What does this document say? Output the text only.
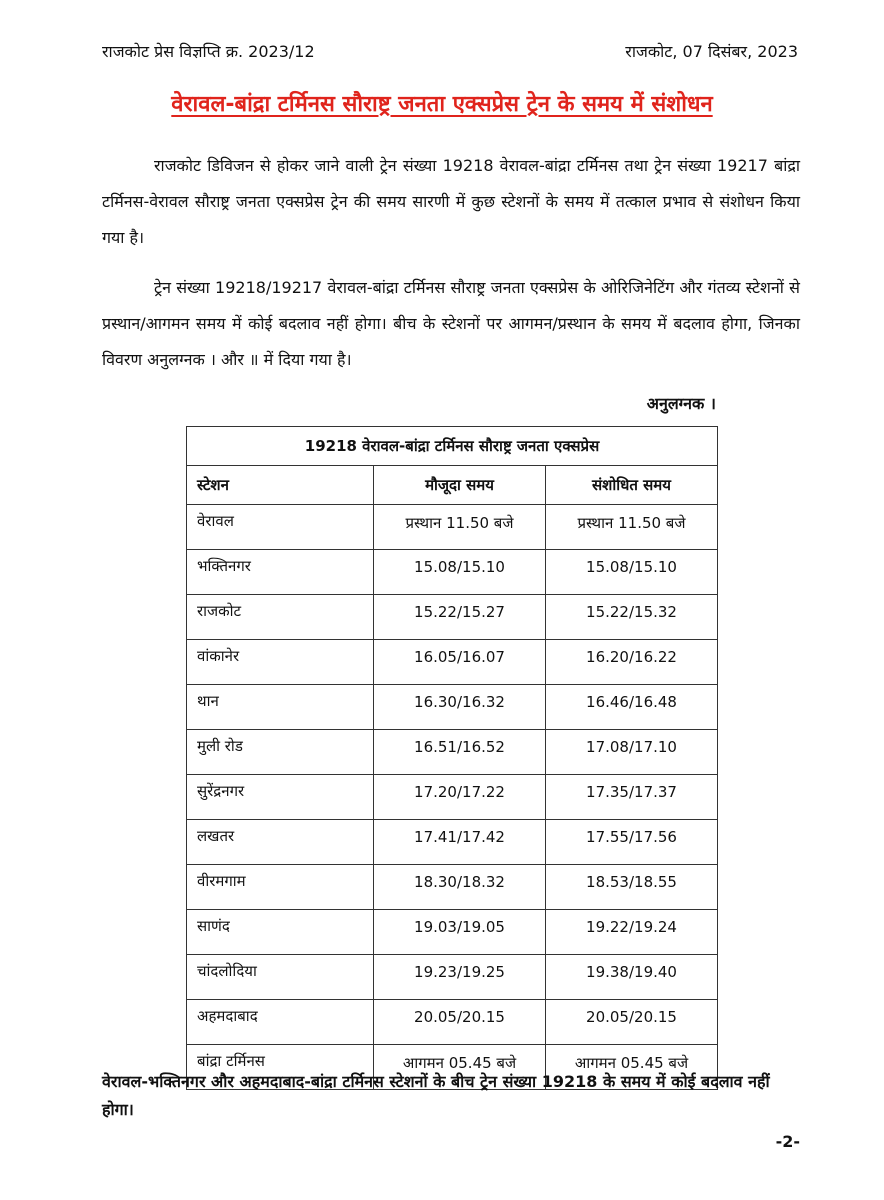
राजकोट प्रेस विज्ञप्ति क्र. 2023/12	राजकोट, 07 दिसंबर, 2023
वेरावल-बांद्रा टर्मिनस सौराष्ट्र जनता एक्सप्रेस ट्रेन के समय में संशोधन

राजकोट डिविजन से होकर जाने वाली ट्रेन संख्या 19218 वेरावल-बांद्रा टर्मिनस तथा ट्रेन संख्या 19217 बांद्रा टर्मिनस-वेरावल सौराष्ट्र जनता एक्सप्रेस ट्रेन की समय सारणी में कुछ स्टेशनों के समय में तत्काल प्रभाव से संशोधन किया गया है।

ट्रेन संख्या 19218/19217 वेरावल-बांद्रा टर्मिनस सौराष्ट्र जनता एक्सप्रेस के ओरिजिनेटिंग और गंतव्य स्टेशनों से प्रस्थान/आगमन समय में कोई बदलाव नहीं होगा। बीच के स्टेशनों पर आगमन/प्रस्थान के समय में बदलाव होगा, जिनका विवरण अनुलग्नक । और ॥ में दिया गया है।

अनुलग्नक ।
19218 वेरावल-बांद्रा टर्मिनस सौराष्ट्र जनता एक्सप्रेस		
स्टेशन	मौजूदा समय	संशोधित समय
वेरावल	प्रस्थान 11.50 बजे	प्रस्थान 11.50 बजे
भक्तिनगर	15.08/15.10	15.08/15.10
राजकोट	15.22/15.27	15.22/15.32
वांकानेर	16.05/16.07	16.20/16.22
थान	16.30/16.32	16.46/16.48
मुली रोड	16.51/16.52	17.08/17.10
सुरेंद्रनगर	17.20/17.22	17.35/17.37
लखतर	17.41/17.42	17.55/17.56
वीरमगाम	18.30/18.32	18.53/18.55
साणंद	19.03/19.05	19.22/19.24
चांदलोदिया	19.23/19.25	19.38/19.40
अहमदाबाद	20.05/20.15	20.05/20.15
बांद्रा टर्मिनस	आगमन 05.45 बजे	आगमन 05.45 बजे

वेरावल-भक्तिनगर और अहमदाबाद-बांद्रा टर्मिनस स्टेशनों के बीच ट्रेन संख्या 19218 के समय में कोई बदलाव नहीं होगा।

-2-
